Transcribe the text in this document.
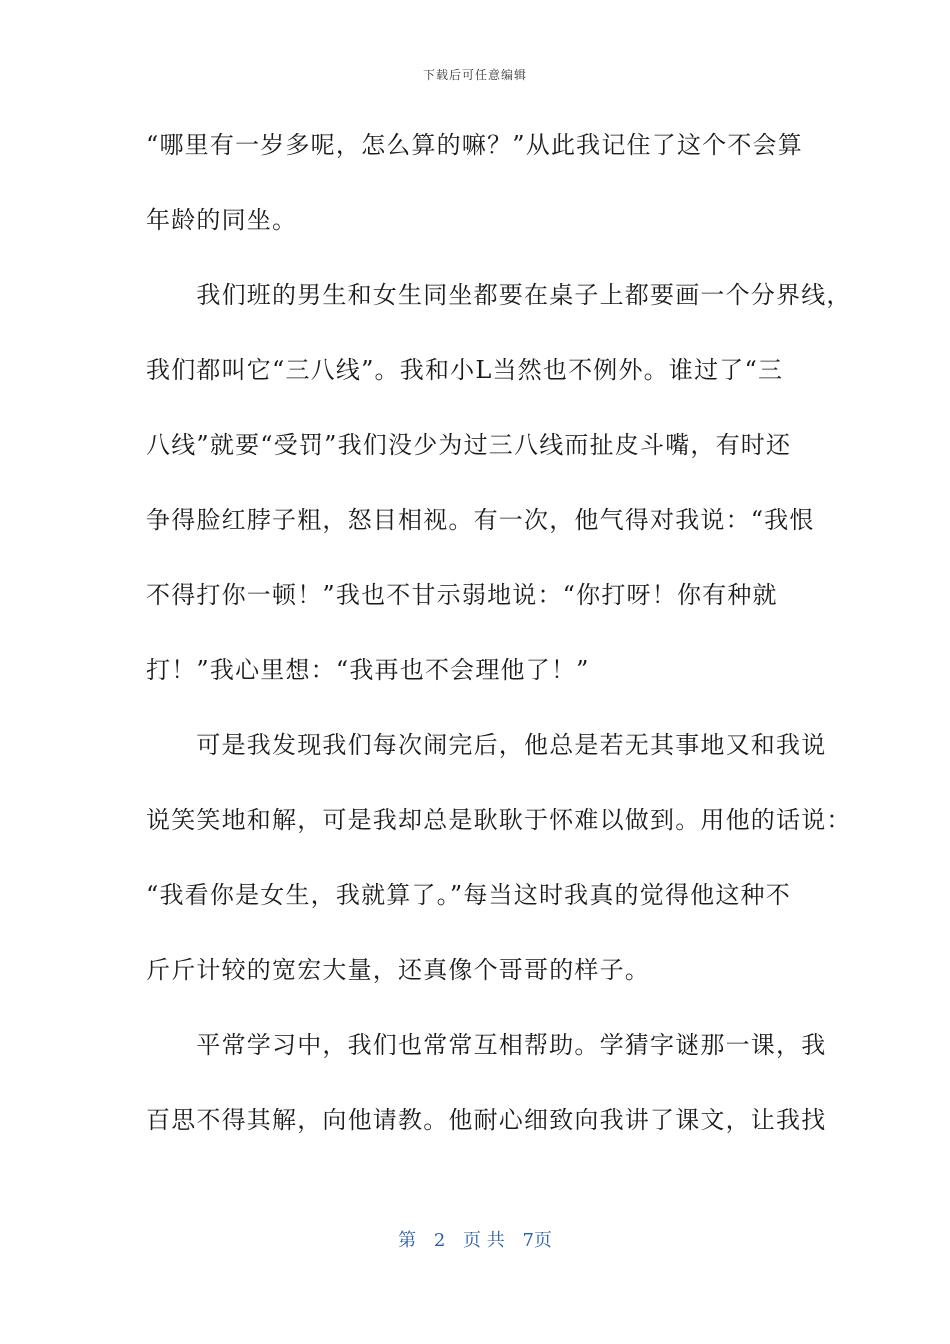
下载后可任意编辑
“哪里有一岁多呢，怎么算的嘛？”从此我记住了这个不会算
年龄的同坐。
　　我们班的男生和女生同坐都要在桌子上都要画一个分界线，
我们都叫它“三八线”。我和小L当然也不例外。谁过了“三
八线”就要“受罚”我们没少为过三八线而扯皮斗嘴，有时还
争得脸红脖子粗，怒目相视。有一次，他气得对我说：“我恨
不得打你一顿！”我也不甘示弱地说：“你打呀！你有种就
打！”我心里想：“我再也不会理他了！”
　　可是我发现我们每次闹完后，他总是若无其事地又和我说
说笑笑地和解，可是我却总是耿耿于怀难以做到。用他的话说：
“我看你是女生，我就算了。”每当这时我真的觉得他这种不
斤斤计较的宽宏大量，还真像个哥哥的样子。
　　平常学习中，我们也常常互相帮助。学猜字谜那一课，我
百思不得其解，向他请教。他耐心细致向我讲了课文，让我找
第 2 页 共 7页
